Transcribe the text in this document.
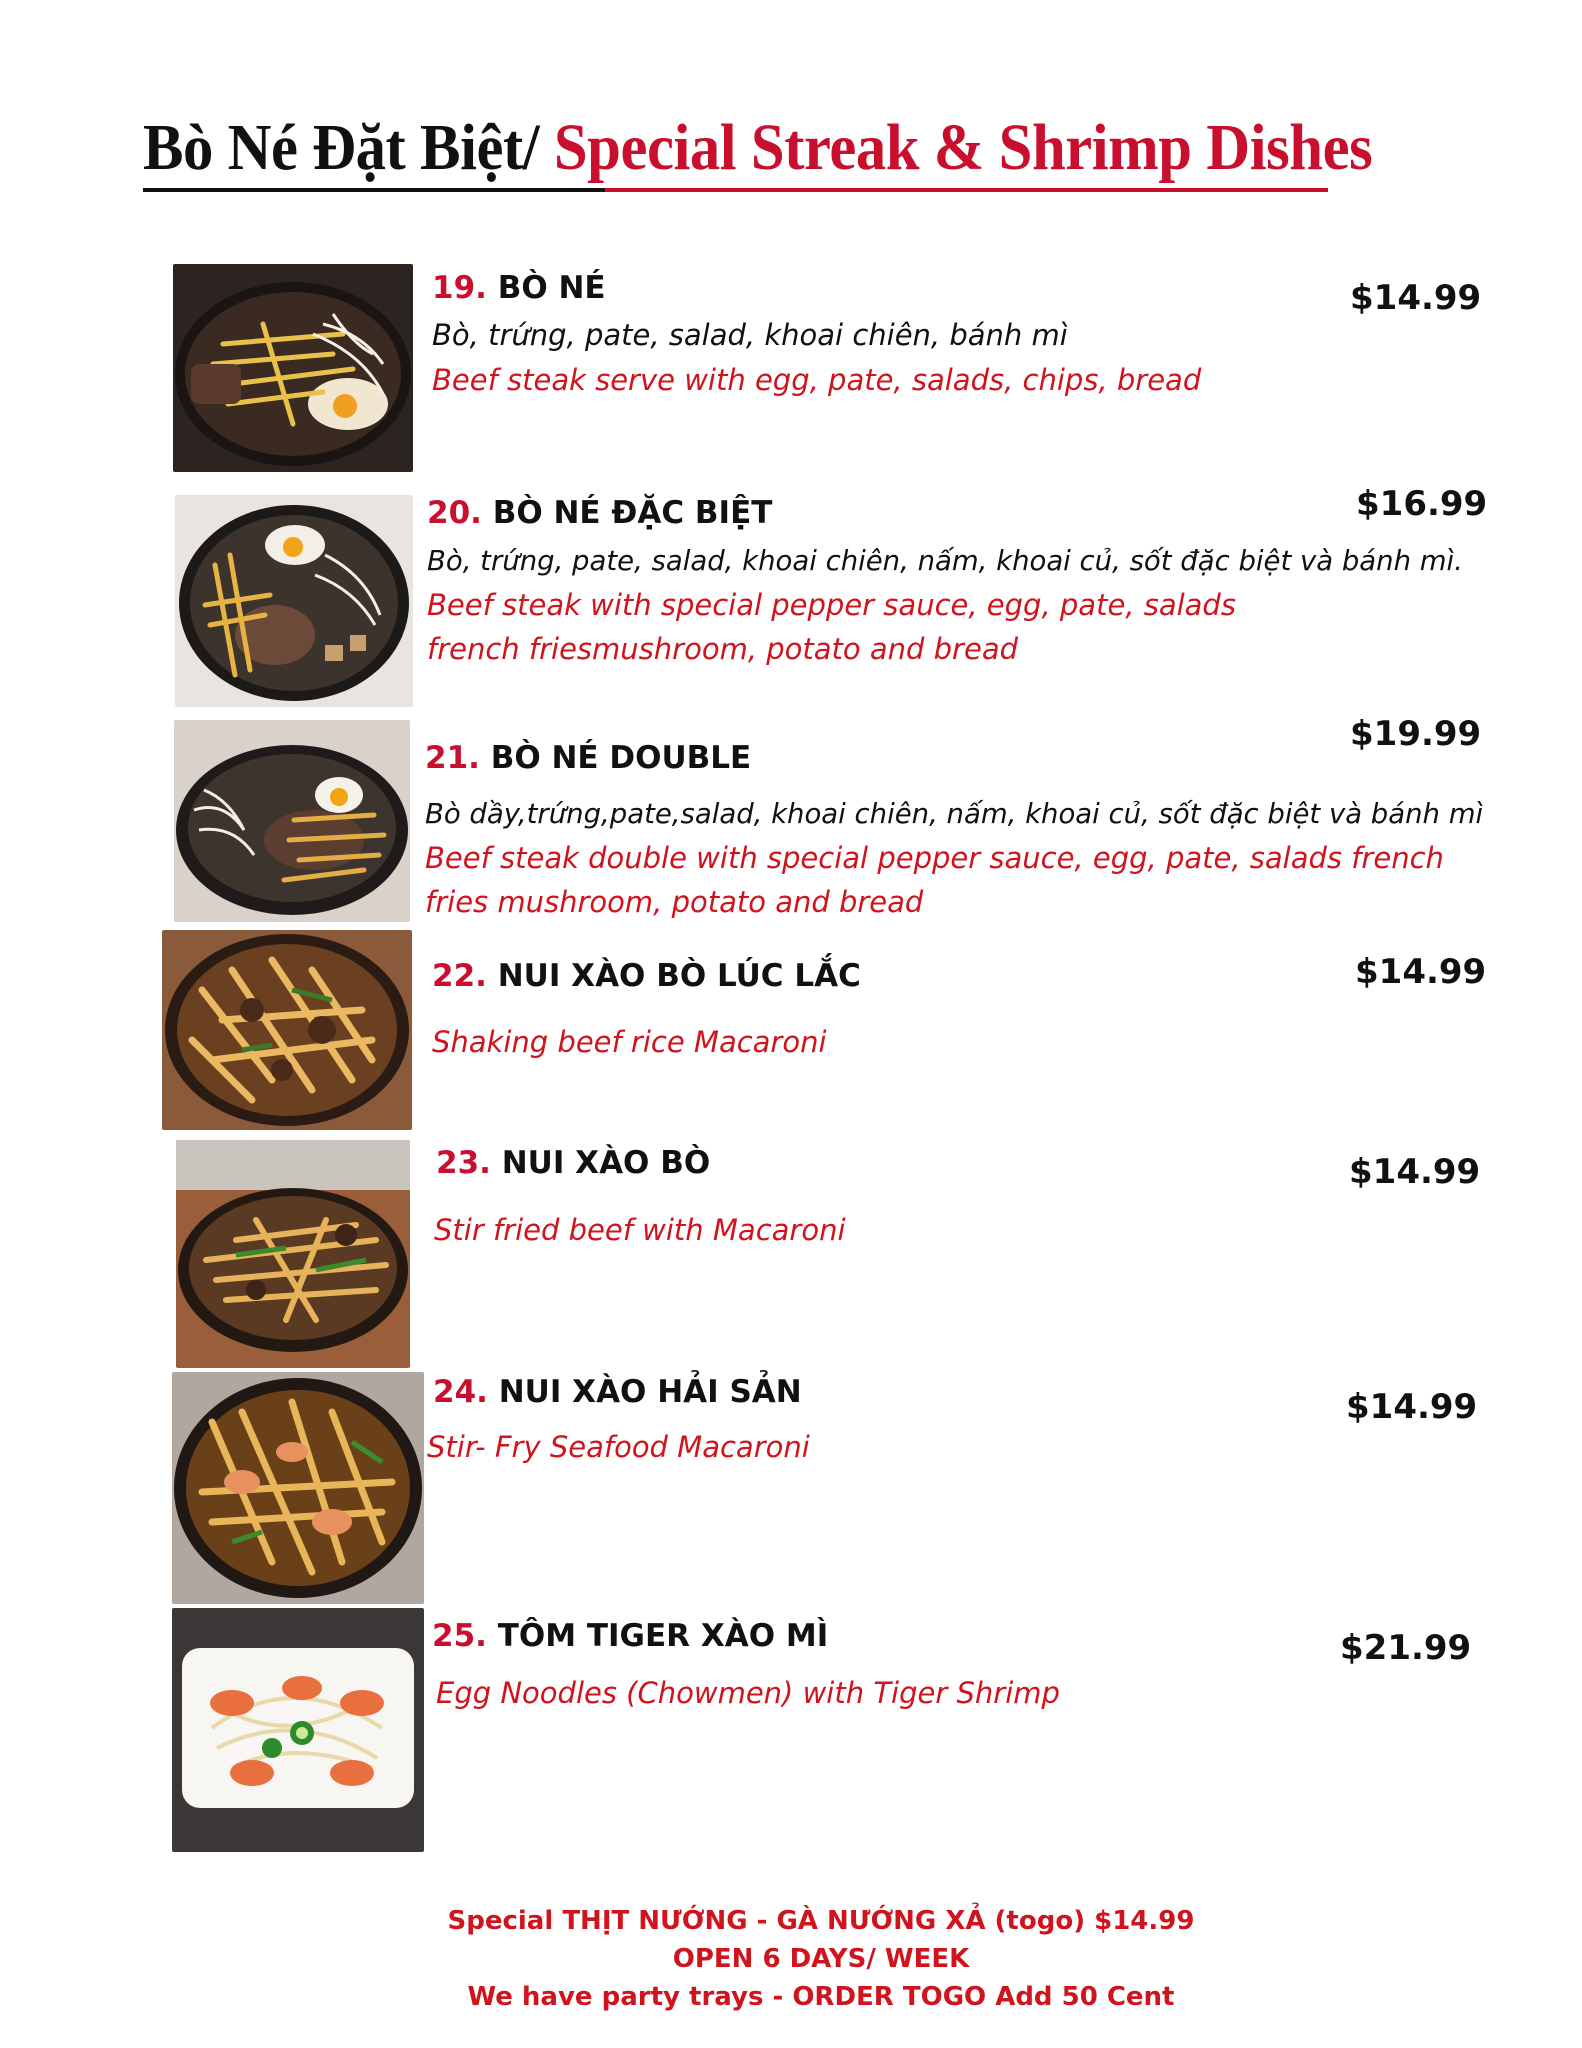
Bò Né Đặt Biệt/ Special Streak & Shrimp Dishes
19. BÒ NÉ
Bò, trứng, pate, salad, khoai chiên, bánh mì
Beef steak serve with egg, pate, salads, chips, bread
$14.99
20. BÒ NÉ ĐẶC BIỆT
Bò, trứng, pate, salad, khoai chiên, nấm, khoai củ, sốt đặc biệt và bánh mì.
Beef steak with special pepper sauce, egg, pate, salads french friesmushroom, potato and bread
$16.99
21. BÒ NÉ DOUBLE
Bò dầy,trứng,pate,salad, khoai chiên, nấm, khoai củ, sốt đặc biệt và bánh mì
Beef steak double with special pepper sauce, egg, pate, salads french fries mushroom, potato and bread
$19.99
22. NUI XÀO BÒ LÚC LẮC
Shaking beef rice Macaroni
$14.99
23. NUI XÀO BÒ
Stir fried beef with Macaroni
$14.99
24. NUI XÀO HẢI SẢN
Stir- Fry Seafood Macaroni
$14.99
25. TÔM TIGER XÀO MÌ
Egg Noodles (Chowmen) with Tiger Shrimp
$21.99
Special THỊT NƯỚNG - GÀ NƯỚNG XẢ (togo) $14.99
OPEN 6 DAYS/ WEEK
We have party trays - ORDER TOGO Add 50 Cent
